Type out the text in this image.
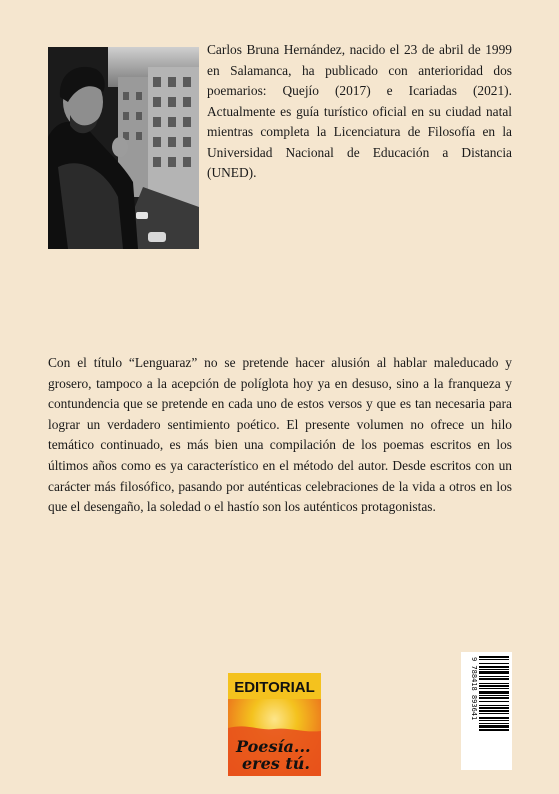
Carlos Bruna Hernández, nacido el 23 de abril de 1999 en Salamanca, ha publicado con anterioridad dos poemarios: Quejío (2017) e Icariadas (2021). Actualmente es guía turístico oficial en su ciudad natal mientras completa la Licenciatura de Filosofía en la Universidad Nacional de Educación a Distancia (UNED).

Con el título “Lenguaraz” no se pretende hacer alusión al hablar maleducado y grosero, tampoco a la acepción de políglota hoy ya en desuso, sino a la franqueza y contundencia que se pretende en cada uno de estos versos y que es tan necesaria para lograr un verdadero sentimiento poético. El presente volumen no ofrece un hilo temático continuado, es más bien una compilación de los poemas escritos en los últimos años como es ya característico en el método del autor. Desde escritos con un carácter más filosófico, pasando por auténticas celebraciones de la vida a otros en los que el desengaño, la soledad o el hastío son los auténticos protagonistas.

EDITORIAL
Poesía...
eres tú.
9 788418 893641
